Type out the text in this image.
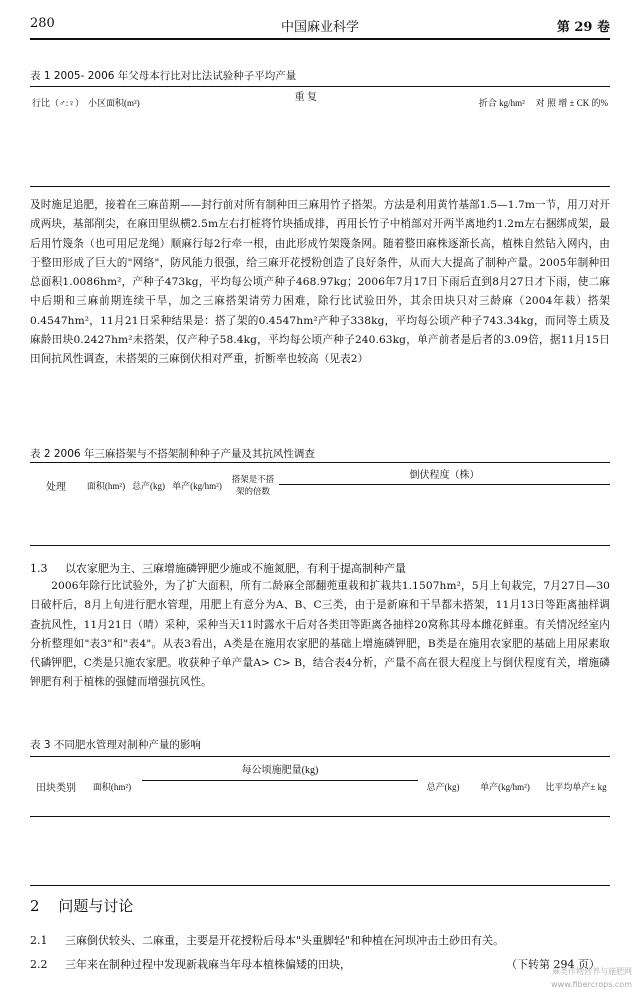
280	中国麻业科学	第 29 卷
表 1 2005- 2006 年父母本行比对比法试验种子平均产量
行比（♂:♀）	小区面积(m²)	重 复	折合 kg/hm²	对 照 增 ± CK 的%
及时施足追肥，接着在三麻苗期——封行前对所有制种田三麻用竹子搭架。方法是利用黄竹基部1.5—1.7m一节，用刀对开成两块，基部削尖，在麻田里纵横2.5m左右打桩将竹块插成排，再用长竹子中梢部对开两半离地约1.2m左右捆绑成架，最后用竹篾条（也可用尼龙绳）顺麻行每2行牵一根，由此形成竹架篾条网。随着整田麻株逐渐长高，植株自然钻入网内，由于整田形成了巨大的"网络"，防风能力很强，给三麻开花授粉创造了良好条件，从而大大提高了制种产量。2005年制种田总面积1.0086hm²，产种子473kg，平均每公顷产种子468.97kg；2006年7月17日下雨后直到8月27日才下雨，使二麻中后期和三麻前期连续干旱，加之三麻搭架请劳力困难，除行比试验田外，其余田块只对三龄麻（2004年栽）搭架0.4547hm²，11月21日采种结果是：搭了架的0.4547hm²产种子338kg，平均每公顷产种子743.34kg，而同等土质及麻龄田块0.2427hm²未搭架，仅产种子58.4kg，平均每公顷产种子240.63kg，单产前者是后者的3.09倍，据11月15日田间抗风性调查，未搭架的三麻倒伏相对严重，折断率也较高（见表2）
表 2 2006 年三麻搭架与不搭架制种种子产量及其抗风性调查
处理	面积(hm²)	总产(kg)	单产(kg/hm²)	搭架是不搭架的倍数	倒伏程度（株）

1.3 以农家肥为主、三麻增施磷钾肥少施或不施氮肥，有利于提高制种产量
2006年除行比试验外，为了扩大面积，所有二龄麻全部翻蔸重栽和扩栽共1.1507hm²，5月上旬栽完，7月27日—30日破杆后，8月上旬进行肥水管理，用肥上有意分为A、B、C三类，由于是新麻和干旱都未搭架，11月13日等距离抽样调查抗风性，11月21日（晴）采种，采种当天11时露水干后对各类田等距离各抽样20窝称其母本雌花鲜重。有关情况经室内分析整理如"表3"和"表4"。从表3看出，A类是在施用农家肥的基础上增施磷钾肥，B类是在施用农家肥的基础上用尿素取代磷钾肥，C类是只施农家肥。收获种子单产量A> C> B，结合表4分析，产量不高在很大程度上与倒伏程度有关，增施磷钾肥有利于植株的强健而增强抗风性。
表 3 不同肥水管理对制种产量的影响
田块类别	面积(hm²)	每公顷施肥量(kg)	总产(kg)	单产(kg/hm²)	比平均单产± kg

2 问题与讨论
2.1 三麻倒伏较头、二麻重，主要是开花授粉后母本"头重脚轻"和种植在河坝冲击土砂田有关。
2.2 三年来在制种过程中发现新栽麻当年母本植株偏矮的田块，	（下转第 294 页）
麻类作物营养与施肥网
www.fibercrops.com
